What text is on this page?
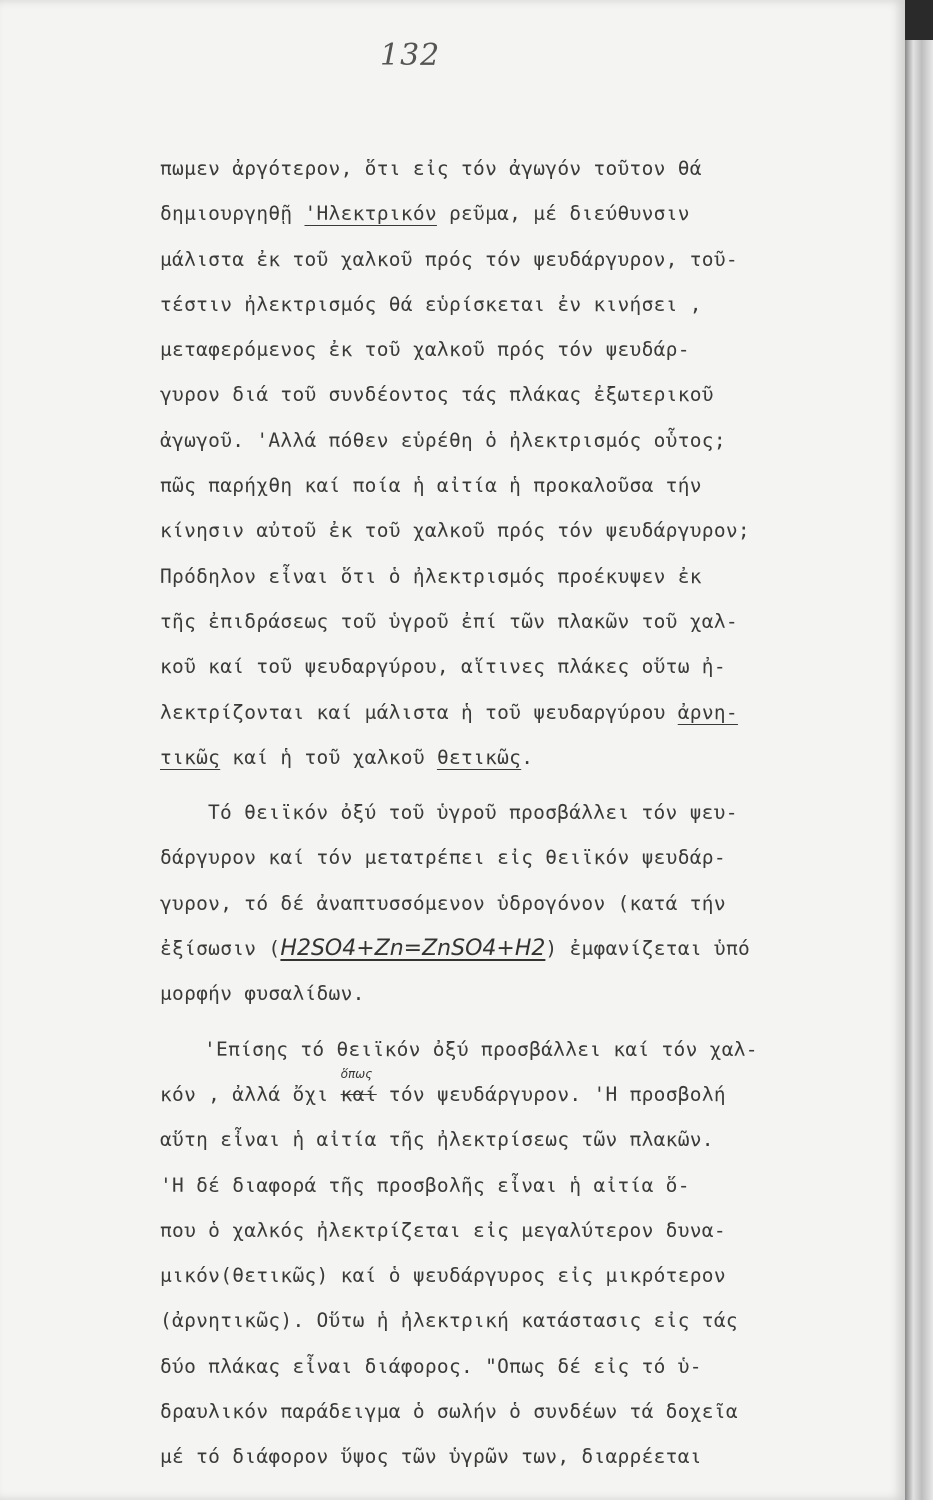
132
πωμεν ἀργότερον, ὅτι εἰς τόν ἀγωγόν τοῦτον θά
δημιουργηθῇ 'Ηλεκτρικόν ρεῦμα, μέ διεύθυνσιν
μάλιστα ἐκ τοῦ χαλκοῦ πρός τόν ψευδάργυρον, τοῦ-
τέστιν ἠλεκτρισμός θά εὑρίσκεται ἐν κινήσει ,
μεταφερόμενος ἐκ τοῦ χαλκοῦ πρός τόν ψευδάρ-
γυρον διά τοῦ συνδέοντος τάς πλάκας ἐξωτερικοῦ
ἀγωγοῦ. 'Αλλά πόθεν εὑρέθη ὁ ἠλεκτρισμός οὗτος;
πῶς παρήχθη καί ποία ἡ αἰτία ἡ προκαλοῦσα τήν
κίνησιν αὐτοῦ ἐκ τοῦ χαλκοῦ πρός τόν ψευδάργυρον;
Πρόδηλον εἶναι ὅτι ὁ ἠλεκτρισμός προέκυψεν ἐκ
τῆς ἐπιδράσεως τοῦ ὑγροῦ ἐπί τῶν πλακῶν τοῦ χαλ-
κοῦ καί τοῦ ψευδαργύρου, αἵτινες πλάκες οὕτω ἠ-
λεκτρίζονται καί μάλιστα ἡ τοῦ ψευδαργύρου ἀρνη-
τικῶς καί ἡ τοῦ χαλκοῦ θετικῶς.
Τό θειϊκόν ὀξύ τοῦ ὑγροῦ προσβάλλει τόν ψευ-
δάργυρον καί τόν μετατρέπει εἰς θειϊκόν ψευδάρ-
γυρον, τό δέ ἀναπτυσσόμενον ὑδρογόνον (κατά τήν
ἐξίσωσιν (H2SO4+Zn=ZnSO4+H2) ἐμφανίζεται ὑπό
μορφήν φυσαλίδων.
'Επίσης τό θειϊκόν ὀξύ προσβάλλει καί τόν χαλ-
κόν , ἀλλά ὄχι
ὅπως
καί τόν ψευδάργυρον. 'Η προσβολή
αὕτη εἶναι ἡ αἰτία τῆς ἠλεκτρίσεως τῶν πλακῶν.
'Η δέ διαφορά τῆς προσβολῆς εἶναι ἡ αἰτία ὅ-
που ὁ χαλκός ἠλεκτρίζεται εἰς μεγαλύτερον δυνα-
μικόν(θετικῶς) καί ὁ ψευδάργυρος εἰς μικρότερον
(ἀρνητικῶς). Οὕτω ἡ ἠλεκτρική κατάστασις εἰς τάς
δύο πλάκας εἶναι διάφορος. "Οπως δέ εἰς τό ὑ-
δραυλικόν παράδειγμα ὁ σωλήν ὁ συνδέων τά δοχεῖα
μέ τό διάφορον ὕψος τῶν ὑγρῶν των, διαρρέεται
